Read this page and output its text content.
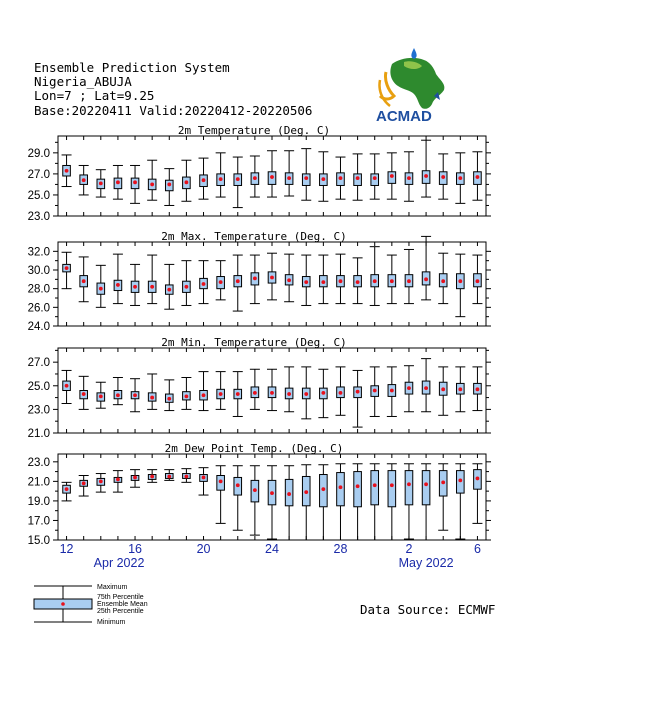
Ensemble Prediction System
Nigeria_ABUJA
Lon=7 ; Lat=9.25
Base:20220411 Valid:20220412-20220506	ACMAD
2m Temperature (Deg. C)
23.0
25.0
27.0
29.0
2m Max. Temperature (Deg. C)
24.0
26.0
28.0
30.0
32.0
2m Min. Temperature (Deg. C)
21.0
23.0
25.0
27.0
2m Dew Point Temp. (Deg. C)
15.0
17.0
19.0
21.0
23.0
12	16	20	24	28	2	6
Apr 2022	May 2022
Maximum
75th Percentile
Ensemble Mean
25th Percentile
Minimum
Data Source: ECMWF
